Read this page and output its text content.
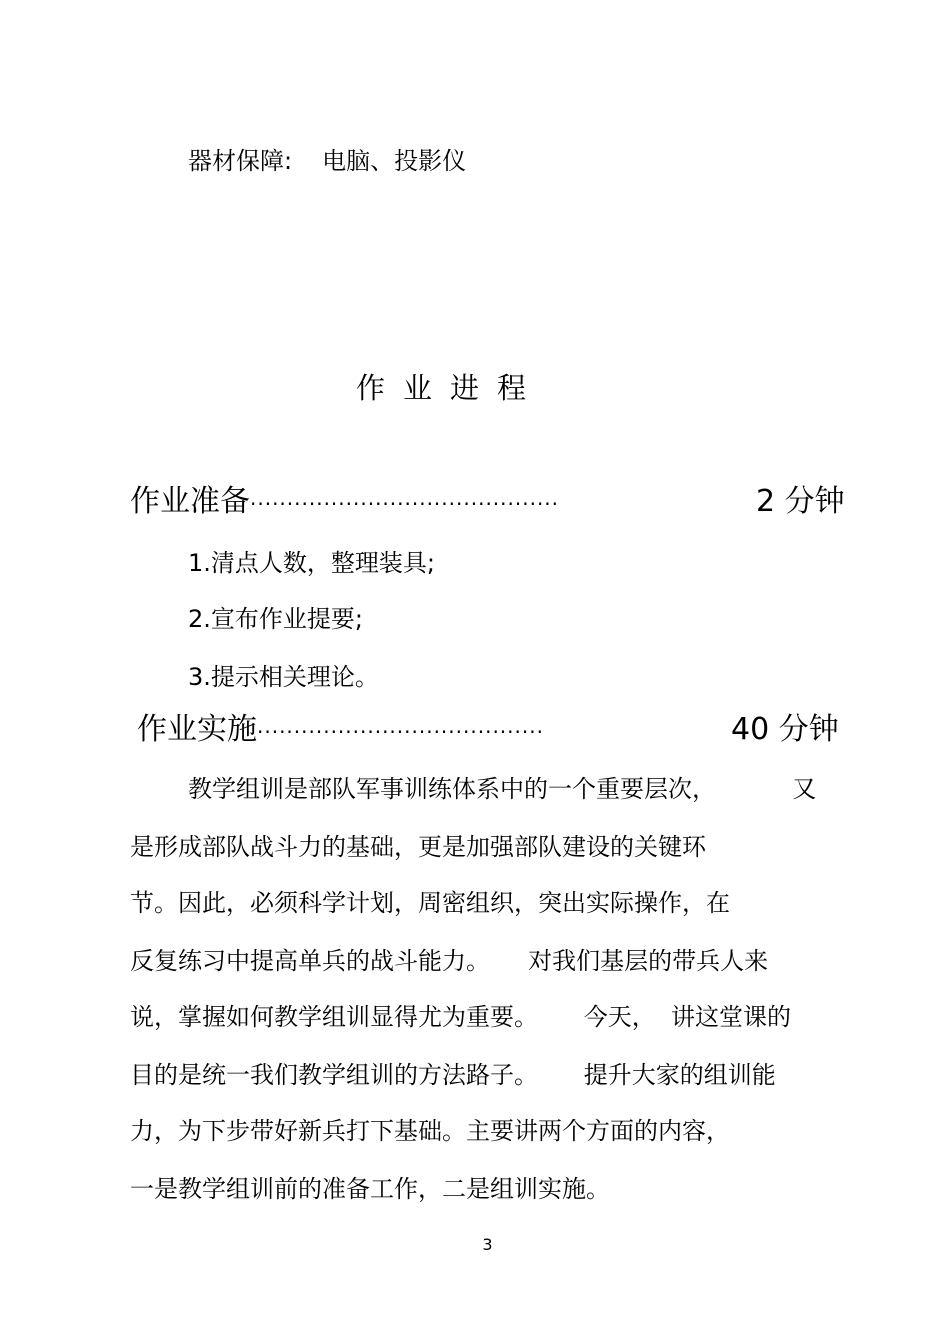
器材保障: 电脑、投影仪
作业进程
作业准备··········································	2 分钟
1.清点人数，整理装具;
2.宣布作业提要;
3.提示相关理论。
作业实施·······································	40 分钟
教学组训是部队军事训练体系中的一个重要层次，          又
是形成部队战斗力的基础，更是加强部队建设的关键环
节。因此，必须科学计划，周密组织，突出实际操作，在
反复练习中提高单兵的战斗能力。     对我们基层的带兵人来
说，掌握如何教学组训显得尤为重要。      今天，  讲这堂课的
目的是统一我们教学组训的方法路子。      提升大家的组训能
力，为下步带好新兵打下基础。主要讲两个方面的内容，
一是教学组训前的准备工作，二是组训实施。
3
